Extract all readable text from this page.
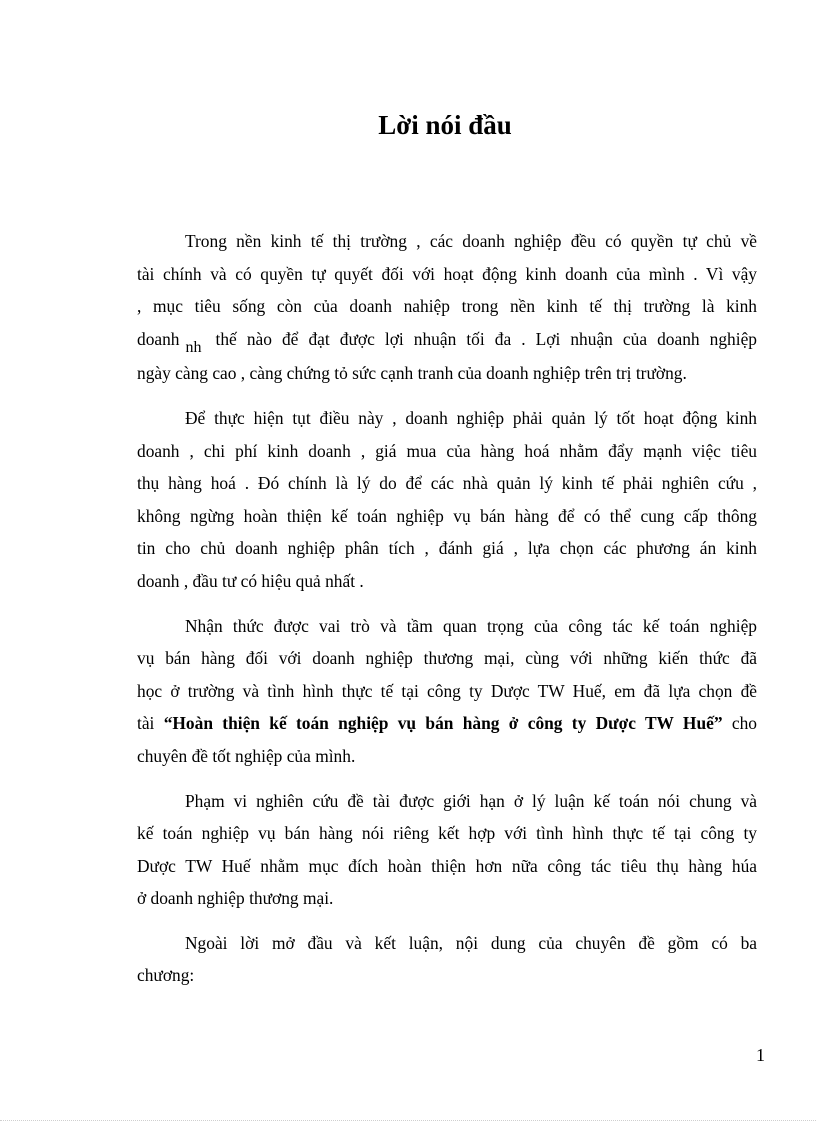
Lời nói đầu

Trong nền kinh tế thị trường , các doanh nghiệp đều có quyền tự chủ về
tài chính và có quyền tự quyết đối với hoạt động kinh doanh của mình . Vì vậy
, mục tiêu sống còn của doanh nahiệp trong nền kinh tế thị trường là kinh
doanh nh thế nào để đạt được lợi nhuận tối đa . Lợi nhuận của doanh nghiệp
ngày càng cao , càng chứng tỏ sức cạnh tranh của doanh nghiệp trên trị trường.

Để thực hiện tụt điều này , doanh nghiệp phải quản lý tốt hoạt động kinh
doanh , chi phí kinh doanh , giá mua của hàng hoá nhằm đẩy mạnh việc tiêu
thụ hàng hoá . Đó chính là lý do để các nhà quản lý kinh tế phải nghiên cứu ,
không ngừng hoàn thiện kế toán nghiệp vụ bán hàng để có thể cung cấp thông
tin cho chủ doanh nghiệp phân tích , đánh giá , lựa chọn các phương án kinh
doanh , đầu tư có hiệu quả nhất .

Nhận thức được vai trò và tầm quan trọng của công tác kế toán nghiệp
vụ bán hàng đối với doanh nghiệp thương mại, cùng với những kiến thức đã
học ở trường và tình hình thực tế tại công ty Dược TW Huế, em đã lựa chọn đề
tài “Hoàn thiện kế toán nghiệp vụ bán hàng ở công ty Dược TW Huế” cho
chuyên đề tốt nghiệp của mình.

Phạm vi nghiên cứu đề tài được giới hạn ở lý luận kế toán nói chung và
kế toán nghiệp vụ bán hàng nói riêng kết hợp với tình hình thực tế tại công ty
Dược TW Huế nhằm mục đích hoàn thiện hơn nữa công tác tiêu thụ hàng húa
ở doanh nghiệp thương mại.

Ngoài lời mở đầu và kết luận, nội dung của chuyên đề gồm có ba
chương:

1
